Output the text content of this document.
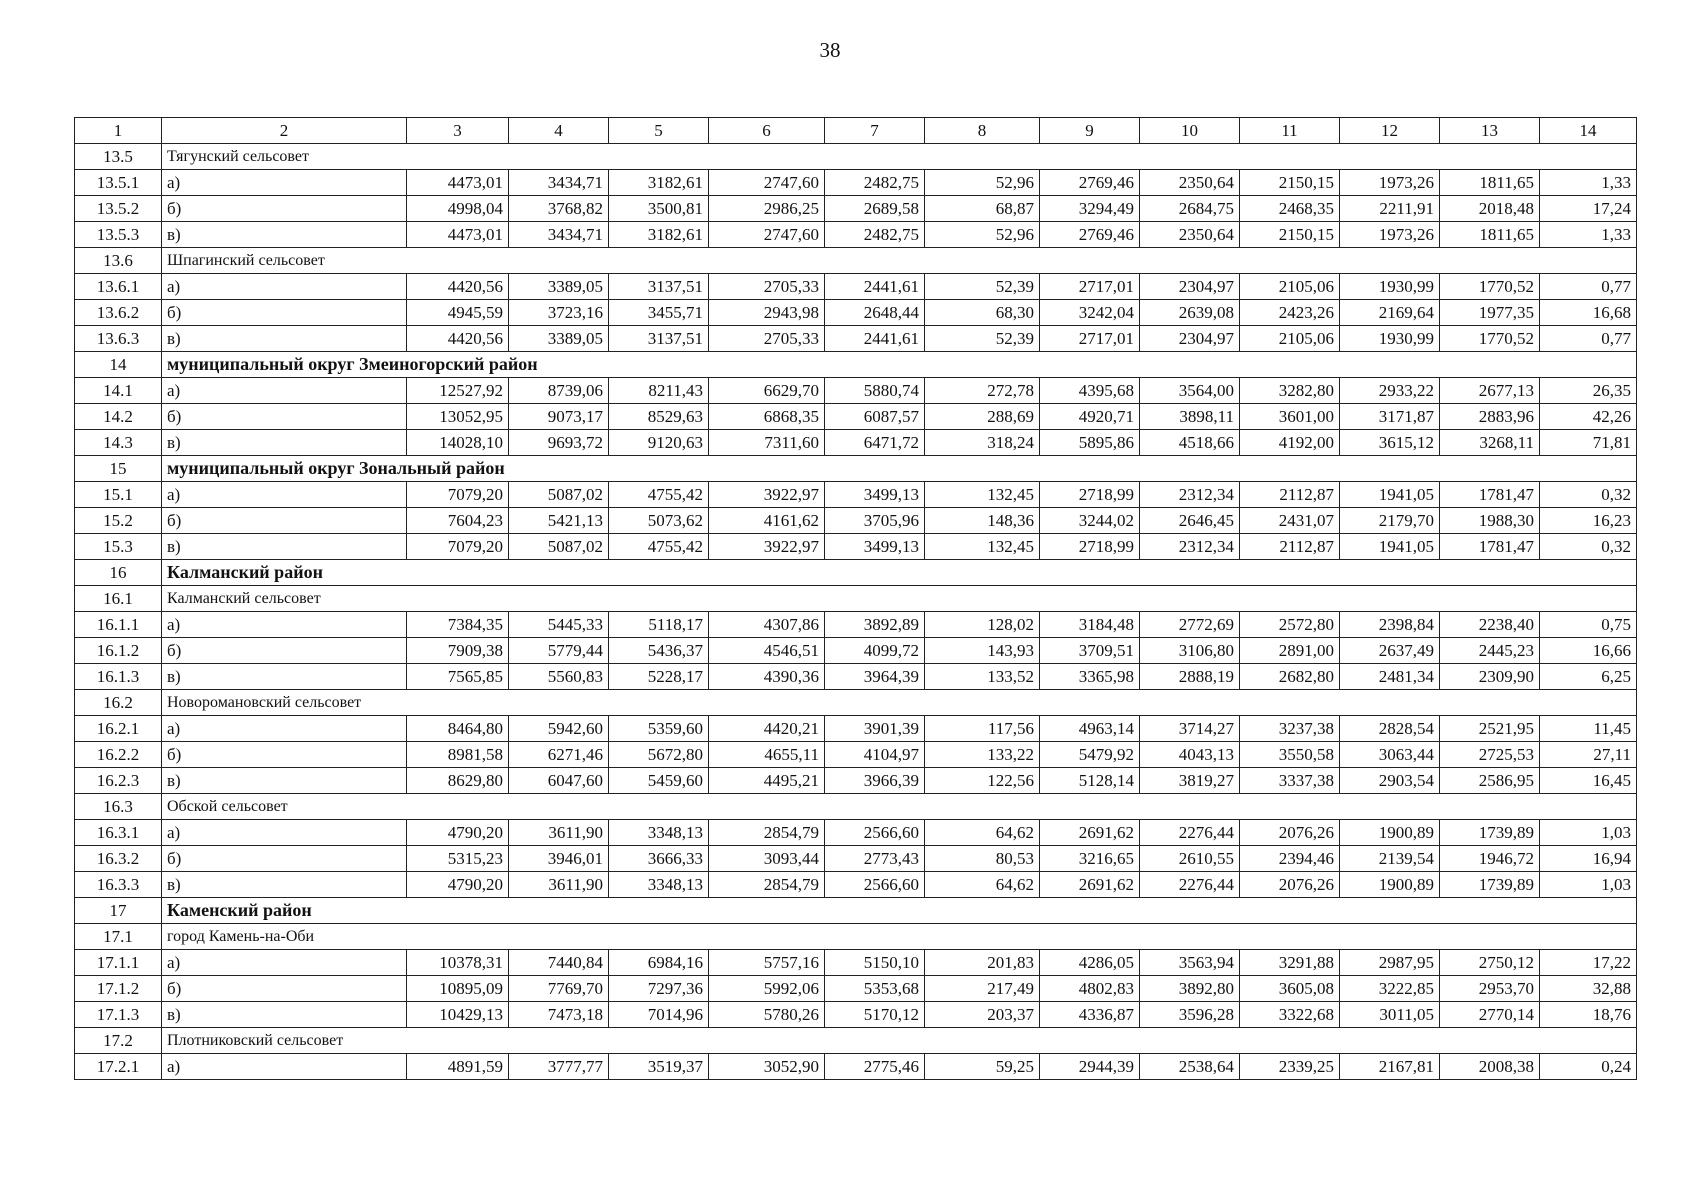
38
1	2	3	4	5	6	7	8	9	10	11	12	13	14
13.5	Тягунский сельсовет												
13.5.1	а)	4473,01	3434,71	3182,61	2747,60	2482,75	52,96	2769,46	2350,64	2150,15	1973,26	1811,65	1,33
13.5.2	б)	4998,04	3768,82	3500,81	2986,25	2689,58	68,87	3294,49	2684,75	2468,35	2211,91	2018,48	17,24
13.5.3	в)	4473,01	3434,71	3182,61	2747,60	2482,75	52,96	2769,46	2350,64	2150,15	1973,26	1811,65	1,33
13.6	Шпагинский сельсовет												
13.6.1	а)	4420,56	3389,05	3137,51	2705,33	2441,61	52,39	2717,01	2304,97	2105,06	1930,99	1770,52	0,77
13.6.2	б)	4945,59	3723,16	3455,71	2943,98	2648,44	68,30	3242,04	2639,08	2423,26	2169,64	1977,35	16,68
13.6.3	в)	4420,56	3389,05	3137,51	2705,33	2441,61	52,39	2717,01	2304,97	2105,06	1930,99	1770,52	0,77
14	муниципальный округ Змеиногорский район												
14.1	а)	12527,92	8739,06	8211,43	6629,70	5880,74	272,78	4395,68	3564,00	3282,80	2933,22	2677,13	26,35
14.2	б)	13052,95	9073,17	8529,63	6868,35	6087,57	288,69	4920,71	3898,11	3601,00	3171,87	2883,96	42,26
14.3	в)	14028,10	9693,72	9120,63	7311,60	6471,72	318,24	5895,86	4518,66	4192,00	3615,12	3268,11	71,81
15	муниципальный округ Зональный район												
15.1	а)	7079,20	5087,02	4755,42	3922,97	3499,13	132,45	2718,99	2312,34	2112,87	1941,05	1781,47	0,32
15.2	б)	7604,23	5421,13	5073,62	4161,62	3705,96	148,36	3244,02	2646,45	2431,07	2179,70	1988,30	16,23
15.3	в)	7079,20	5087,02	4755,42	3922,97	3499,13	132,45	2718,99	2312,34	2112,87	1941,05	1781,47	0,32
16	Калманский район												
16.1	Калманский сельсовет												
16.1.1	а)	7384,35	5445,33	5118,17	4307,86	3892,89	128,02	3184,48	2772,69	2572,80	2398,84	2238,40	0,75
16.1.2	б)	7909,38	5779,44	5436,37	4546,51	4099,72	143,93	3709,51	3106,80	2891,00	2637,49	2445,23	16,66
16.1.3	в)	7565,85	5560,83	5228,17	4390,36	3964,39	133,52	3365,98	2888,19	2682,80	2481,34	2309,90	6,25
16.2	Новоромановский сельсовет												
16.2.1	а)	8464,80	5942,60	5359,60	4420,21	3901,39	117,56	4963,14	3714,27	3237,38	2828,54	2521,95	11,45
16.2.2	б)	8981,58	6271,46	5672,80	4655,11	4104,97	133,22	5479,92	4043,13	3550,58	3063,44	2725,53	27,11
16.2.3	в)	8629,80	6047,60	5459,60	4495,21	3966,39	122,56	5128,14	3819,27	3337,38	2903,54	2586,95	16,45
16.3	Обской сельсовет												
16.3.1	а)	4790,20	3611,90	3348,13	2854,79	2566,60	64,62	2691,62	2276,44	2076,26	1900,89	1739,89	1,03
16.3.2	б)	5315,23	3946,01	3666,33	3093,44	2773,43	80,53	3216,65	2610,55	2394,46	2139,54	1946,72	16,94
16.3.3	в)	4790,20	3611,90	3348,13	2854,79	2566,60	64,62	2691,62	2276,44	2076,26	1900,89	1739,89	1,03
17	Каменский район												
17.1	город Камень-на-Оби												
17.1.1	а)	10378,31	7440,84	6984,16	5757,16	5150,10	201,83	4286,05	3563,94	3291,88	2987,95	2750,12	17,22
17.1.2	б)	10895,09	7769,70	7297,36	5992,06	5353,68	217,49	4802,83	3892,80	3605,08	3222,85	2953,70	32,88
17.1.3	в)	10429,13	7473,18	7014,96	5780,26	5170,12	203,37	4336,87	3596,28	3322,68	3011,05	2770,14	18,76
17.2	Плотниковский сельсовет												
17.2.1	а)	4891,59	3777,77	3519,37	3052,90	2775,46	59,25	2944,39	2538,64	2339,25	2167,81	2008,38	0,24
